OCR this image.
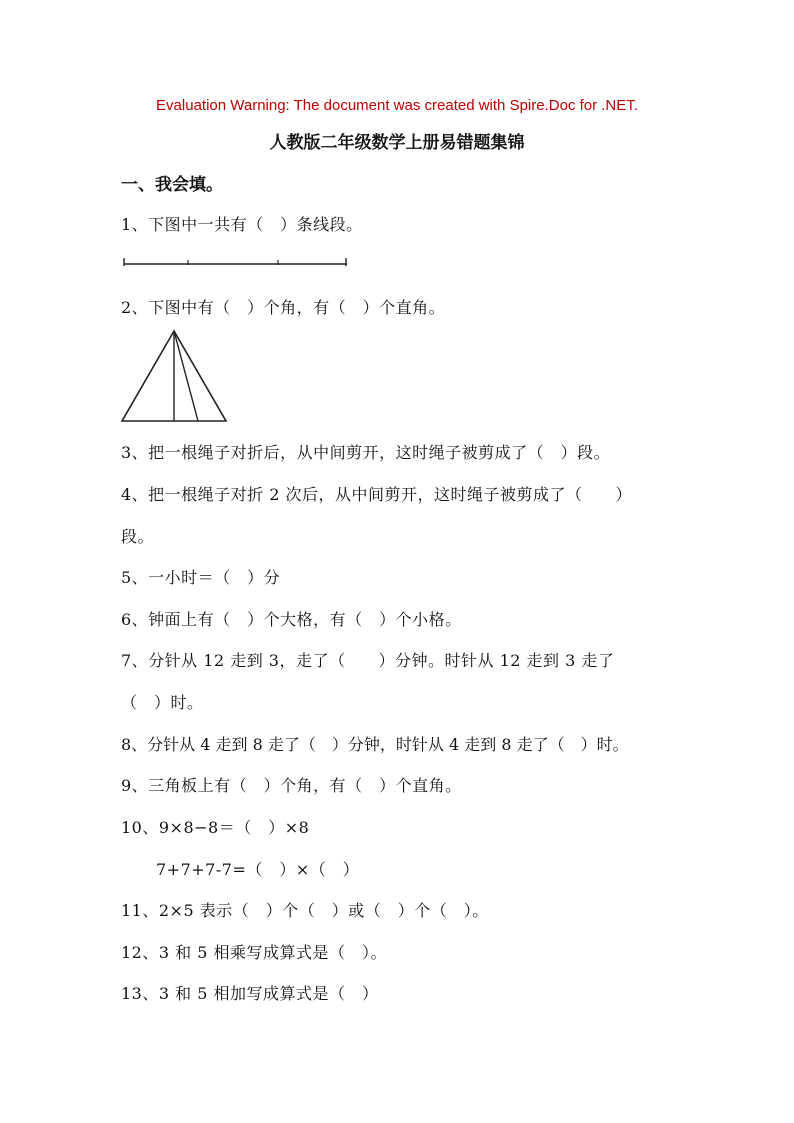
Evaluation Warning: The document was created with Spire.Doc for .NET.
人教版二年级数学上册易错题集锦
一、我会填。
1、下图中一共有（　）条线段。
2、下图中有（　）个角，有（　）个直角。
3、把一根绳子对折后，从中间剪开，这时绳子被剪成了（　）段。
4、把一根绳子对折 2 次后，从中间剪开，这时绳子被剪成了（　　）
段。
5、一小时＝（　）分
6、钟面上有（　）个大格，有（　）个小格。
7、分针从 12 走到 3，走了（　　）分钟。时针从 12 走到 3 走了
（　）时。
8、分针从 4 走到 8 走了（　）分钟，时针从 4 走到 8 走了（　）时。
9、三角板上有（　）个角，有（　）个直角。
10、9×8−8＝（　）×8
7+7+7-7=（　）×（　）
11、2×5 表示（　）个（　）或（　）个（　）。
12、3 和 5 相乘写成算式是（　）。
13、3 和 5 相加写成算式是（　）
